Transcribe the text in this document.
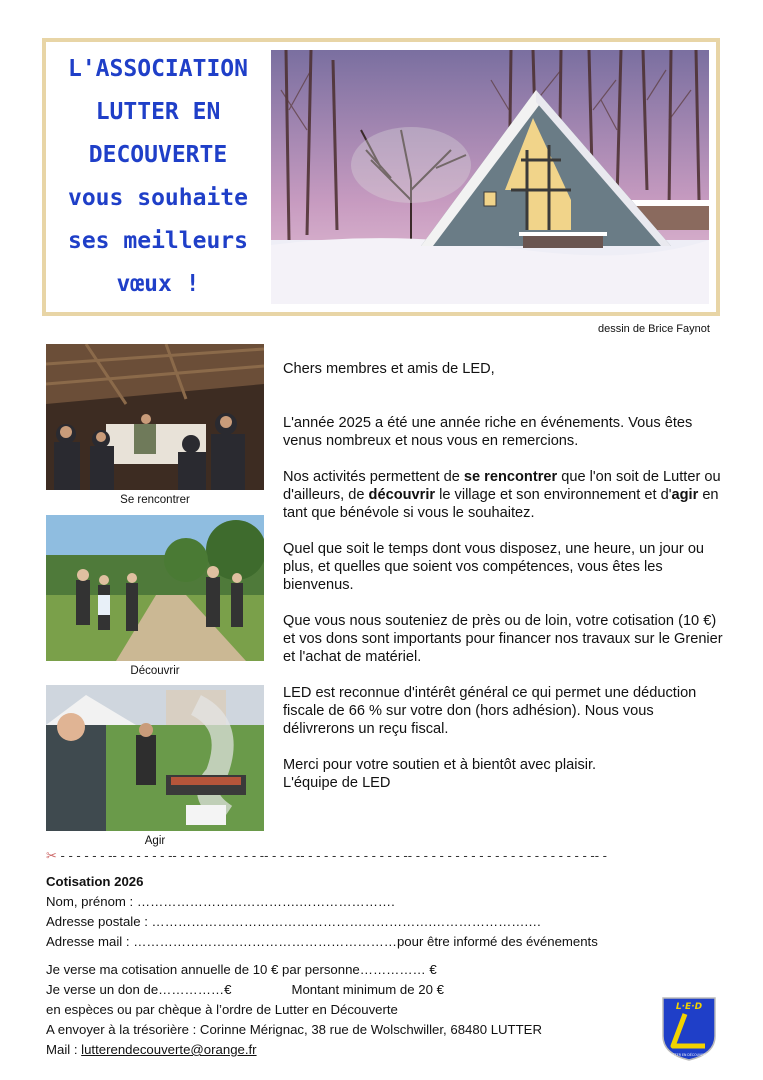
L'ASSOCIATION
LUTTER EN
DECOUVERTE
vous souhaite
ses meilleurs
vœux !
dessin de Brice Faynot
Se rencontrer
Découvrir
Agir

Chers membres et amis de LED,

L'année 2025 a été une année riche en événements. Vous êtes venus nombreux et nous vous en remercions.

Nos activités permettent de se rencontrer que l'on soit de Lutter ou d'ailleurs, de découvrir le village et son environnement et d'agir en tant que bénévole si vous le souhaitez.

Quel que soit le temps dont vous disposez, une heure, un jour ou plus, et quelles que soient vos compétences, vous êtes les bienvenus.

Que vous nous souteniez de près ou de loin, votre cotisation (10 €) et vos dons sont importants pour financer nos travaux sur le Grenier et l'achat de matériel.

LED est reconnue d'intérêt général ce qui permet une déduction fiscale de 66 % sur votre don (hors adhésion). Nous vous délivrerons un reçu fiscal.

Merci pour votre soutien et à bientôt avec plaisir.

L'équipe de LED

✂ - - - - - - -- - - - - - - -- - - - - - - - - - - -- - - - -- - - - - - - - - - - - - -- - - - - - - - - - - - - - - - - - - - - - - -- -
Cotisation 2026
Nom, prénom : ……………………………….………………….
Adresse postale : ……………………………………………………….………………….…
Adresse mail : ……………………………………………………pour être informé des événements
Je verse ma cotisation annuelle de 10 € par personne…………… €
Je verse un don de……………€	Montant minimum de 20 €
en espèces ou par chèque à l’ordre de Lutter en Découverte
A envoyer à la trésorière : Corinne Mérignac, 38 rue de Wolschwiller, 68480 LUTTER
Mail : lutterendecouverte@orange.fr
L·E·D
LUTTER EN DÉCOUVERTE
